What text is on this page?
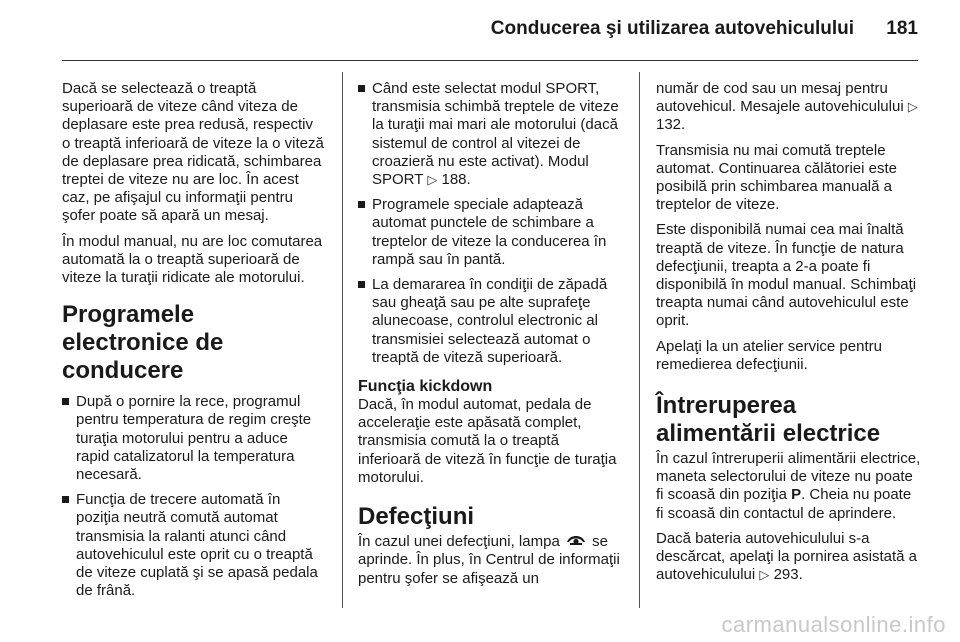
Conducerea şi utilizarea autovehiculului 181

Dacă se selectează o treaptă superioară de viteze când viteza de deplasare este prea redusă, respectiv o treaptă inferioară de viteze la o viteză de deplasare prea ridicată, schimbarea treptei de viteze nu are loc. În acest caz, pe afişajul cu informaţii pentru şofer poate să apară un mesaj.

În modul manual, nu are loc comutarea automată la o treaptă superioară de viteze la turaţii ridicate ale motorului.

Programele electronice de conducere
După o pornire la rece, programul pentru temperatura de regim creşte turaţia motorului pentru a aduce rapid catalizatorul la temperatura necesară.
Funcţia de trecere automată în poziţia neutră comută automat transmisia la ralanti atunci când autovehiculul este oprit cu o treaptă de viteze cuplată şi se apasă pedala de frână.
Când este selectat modul SPORT, transmisia schimbă treptele de viteze la turaţii mai mari ale motorului (dacă sistemul de control al vitezei de croazieră nu este activat). Modul SPORT ▷ 188.
Programele speciale adaptează automat punctele de schimbare a treptelor de viteze la conducerea în rampă sau în pantă.
La demararea în condiţii de zăpadă sau gheaţă sau pe alte suprafeţe alunecoase, controlul electronic al transmisiei selectează automat o treaptă de viteză superioară.
Funcţia kickdown

Dacă, în modul automat, pedala de acceleraţie este apăsată complet, transmisia comută la o treaptă inferioară de viteză în funcţie de turaţia motorului.

Defecţiuni

În cazul unei defecţiuni, lampa se aprinde. În plus, în Centrul de informaţii pentru şofer se afişează un

număr de cod sau un mesaj pentru autovehicul. Mesajele autovehiculului ▷ 132.

Transmisia nu mai comută treptele automat. Continuarea călătoriei este posibilă prin schimbarea manuală a treptelor de viteze.

Este disponibilă numai cea mai înaltă treaptă de viteze. În funcţie de natura defecţiunii, treapta a 2-a poate fi disponibilă în modul manual. Schimbaţi treapta numai când autovehiculul este oprit.

Apelaţi la un atelier service pentru remedierea defecţiunii.

Întreruperea alimentării electrice

În cazul întreruperii alimentării electrice, maneta selectorului de viteze nu poate fi scoasă din poziţia P. Cheia nu poate fi scoasă din contactul de aprindere.

Dacă bateria autovehiculului s-a descărcat, apelaţi la pornirea asistată a autovehiculului ▷ 293.

carmanualsonline.info
